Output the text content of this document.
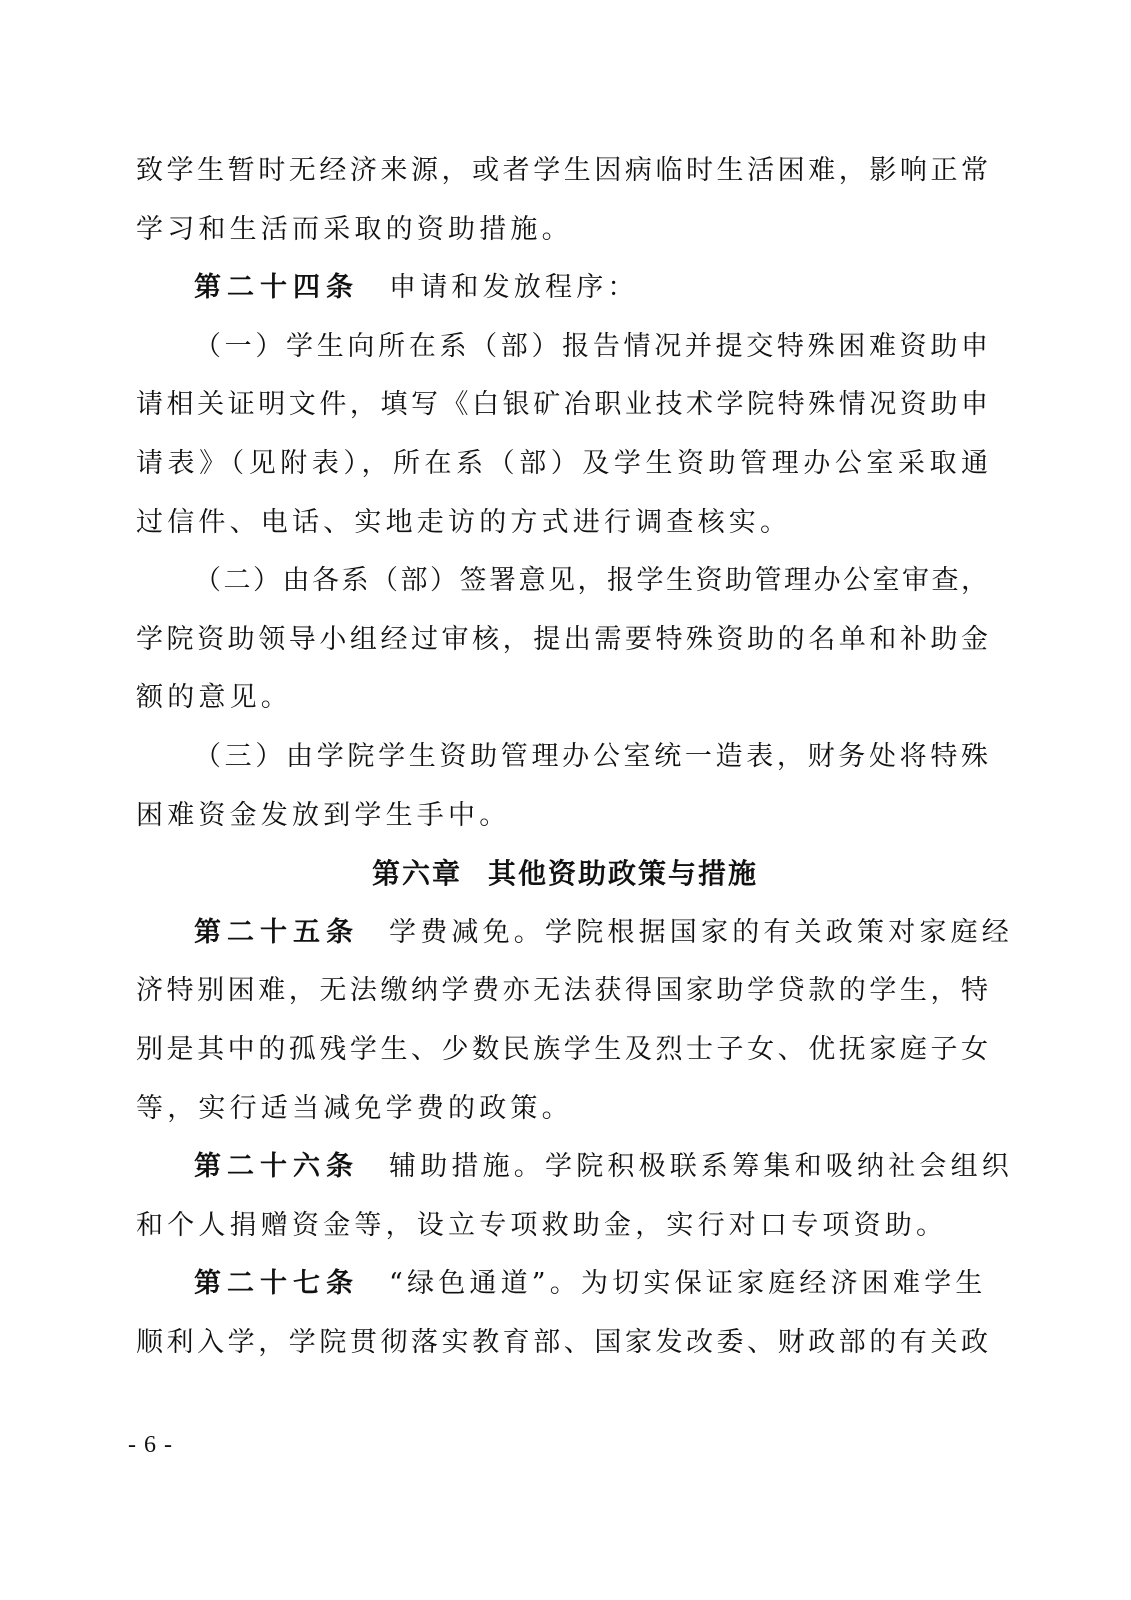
致学生暂时无经济来源，或者学生因病临时生活困难，影响正常
学习和生活而采取的资助措施。
第二十四条 申请和发放程序：
（一）学生向所在系（部）报告情况并提交特殊困难资助申
请相关证明文件，填写《白银矿冶职业技术学院特殊情况资助申
请表》（见附表），所在系（部）及学生资助管理办公室采取通
过信件、电话、实地走访的方式进行调查核实。
（二）由各系（部）签署意见，报学生资助管理办公室审查，
学院资助领导小组经过审核，提出需要特殊资助的名单和补助金
额的意见。
（三）由学院学生资助管理办公室统一造表，财务处将特殊
困难资金发放到学生手中。
第六章 其他资助政策与措施
第二十五条 学费减免。学院根据国家的有关政策对家庭经
济特别困难，无法缴纳学费亦无法获得国家助学贷款的学生，特
别是其中的孤残学生、少数民族学生及烈士子女、优抚家庭子女
等，实行适当减免学费的政策。
第二十六条 辅助措施。学院积极联系筹集和吸纳社会组织
和个人捐赠资金等，设立专项救助金，实行对口专项资助。
第二十七条 “绿色通道”。为切实保证家庭经济困难学生
顺利入学，学院贯彻落实教育部、国家发改委、财政部的有关政
- 6 -
